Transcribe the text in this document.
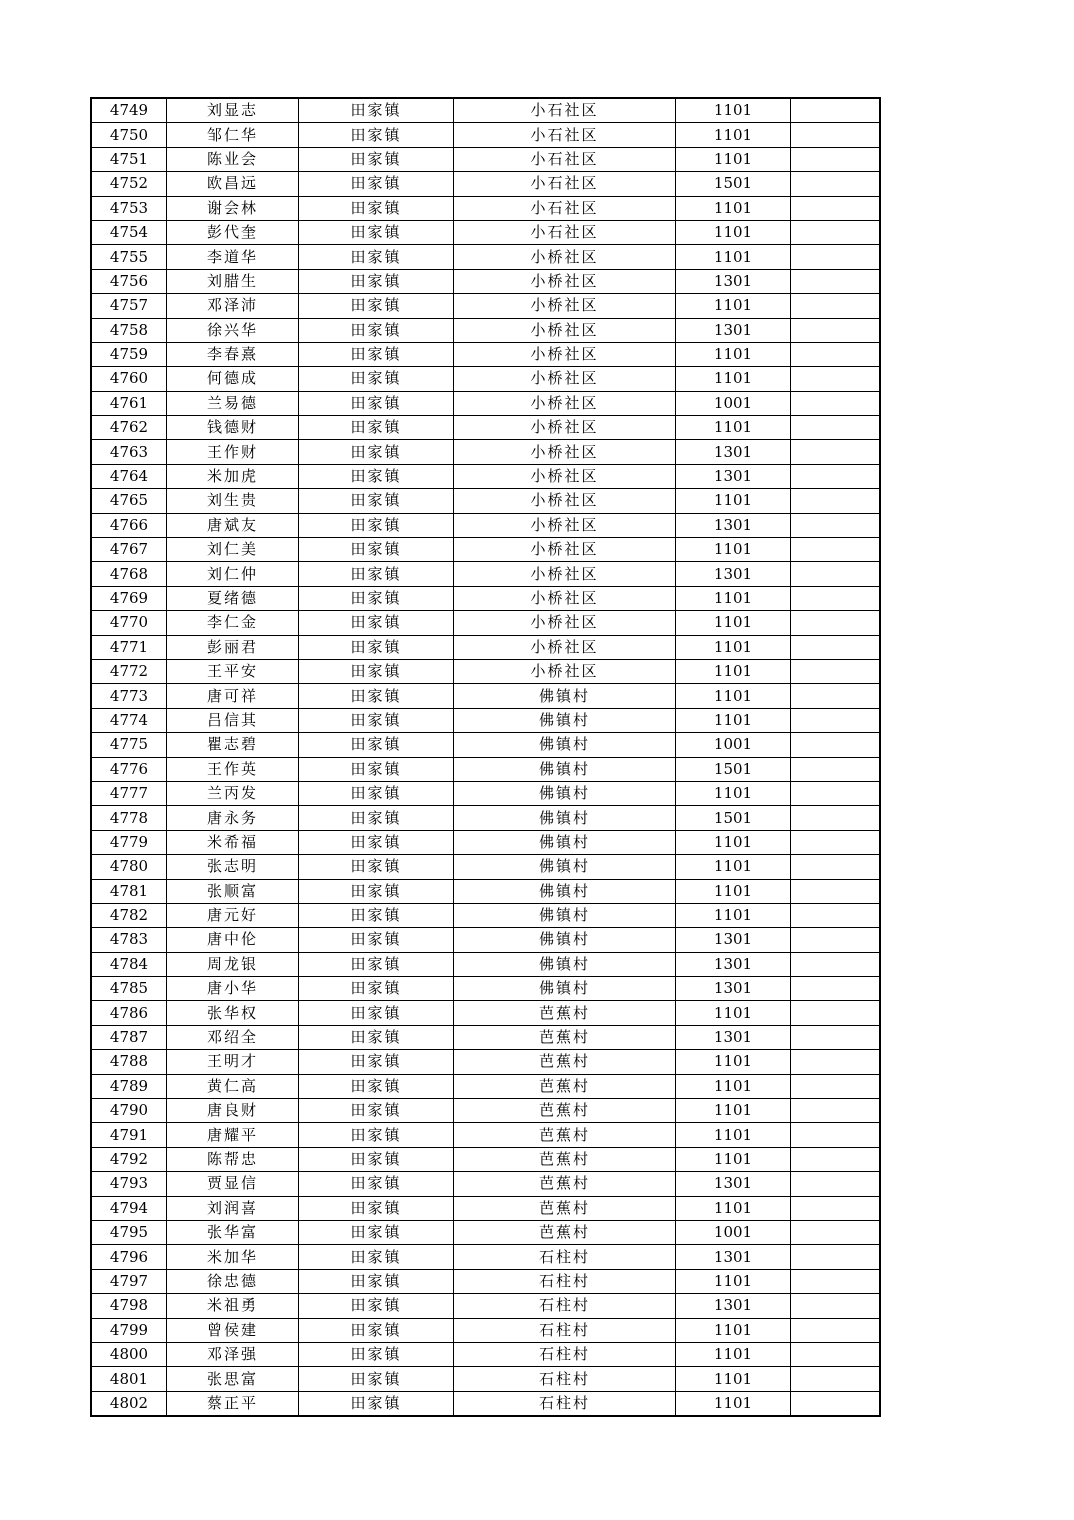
4749	刘显志	田家镇	小石社区	1101	
4750	邹仁华	田家镇	小石社区	1101	
4751	陈业会	田家镇	小石社区	1101	
4752	欧昌远	田家镇	小石社区	1501	
4753	谢会林	田家镇	小石社区	1101	
4754	彭代奎	田家镇	小石社区	1101	
4755	李道华	田家镇	小桥社区	1101	
4756	刘腊生	田家镇	小桥社区	1301	
4757	邓泽沛	田家镇	小桥社区	1101	
4758	徐兴华	田家镇	小桥社区	1301	
4759	李春熹	田家镇	小桥社区	1101	
4760	何德成	田家镇	小桥社区	1101	
4761	兰易德	田家镇	小桥社区	1001	
4762	钱德财	田家镇	小桥社区	1101	
4763	王作财	田家镇	小桥社区	1301	
4764	米加虎	田家镇	小桥社区	1301	
4765	刘生贵	田家镇	小桥社区	1101	
4766	唐斌友	田家镇	小桥社区	1301	
4767	刘仁美	田家镇	小桥社区	1101	
4768	刘仁仲	田家镇	小桥社区	1301	
4769	夏绪德	田家镇	小桥社区	1101	
4770	李仁金	田家镇	小桥社区	1101	
4771	彭丽君	田家镇	小桥社区	1101	
4772	王平安	田家镇	小桥社区	1101	
4773	唐可祥	田家镇	佛镇村	1101	
4774	吕信其	田家镇	佛镇村	1101	
4775	瞿志碧	田家镇	佛镇村	1001	
4776	王作英	田家镇	佛镇村	1501	
4777	兰丙发	田家镇	佛镇村	1101	
4778	唐永务	田家镇	佛镇村	1501	
4779	米希福	田家镇	佛镇村	1101	
4780	张志明	田家镇	佛镇村	1101	
4781	张顺富	田家镇	佛镇村	1101	
4782	唐元好	田家镇	佛镇村	1101	
4783	唐中伦	田家镇	佛镇村	1301	
4784	周龙银	田家镇	佛镇村	1301	
4785	唐小华	田家镇	佛镇村	1301	
4786	张华权	田家镇	芭蕉村	1101	
4787	邓绍全	田家镇	芭蕉村	1301	
4788	王明才	田家镇	芭蕉村	1101	
4789	黄仁高	田家镇	芭蕉村	1101	
4790	唐良财	田家镇	芭蕉村	1101	
4791	唐耀平	田家镇	芭蕉村	1101	
4792	陈帮忠	田家镇	芭蕉村	1101	
4793	贾显信	田家镇	芭蕉村	1301	
4794	刘润喜	田家镇	芭蕉村	1101	
4795	张华富	田家镇	芭蕉村	1001	
4796	米加华	田家镇	石柱村	1301	
4797	徐忠德	田家镇	石柱村	1101	
4798	米祖勇	田家镇	石柱村	1301	
4799	曾侯建	田家镇	石柱村	1101	
4800	邓泽强	田家镇	石柱村	1101	
4801	张思富	田家镇	石柱村	1101	
4802	蔡正平	田家镇	石柱村	1101	
